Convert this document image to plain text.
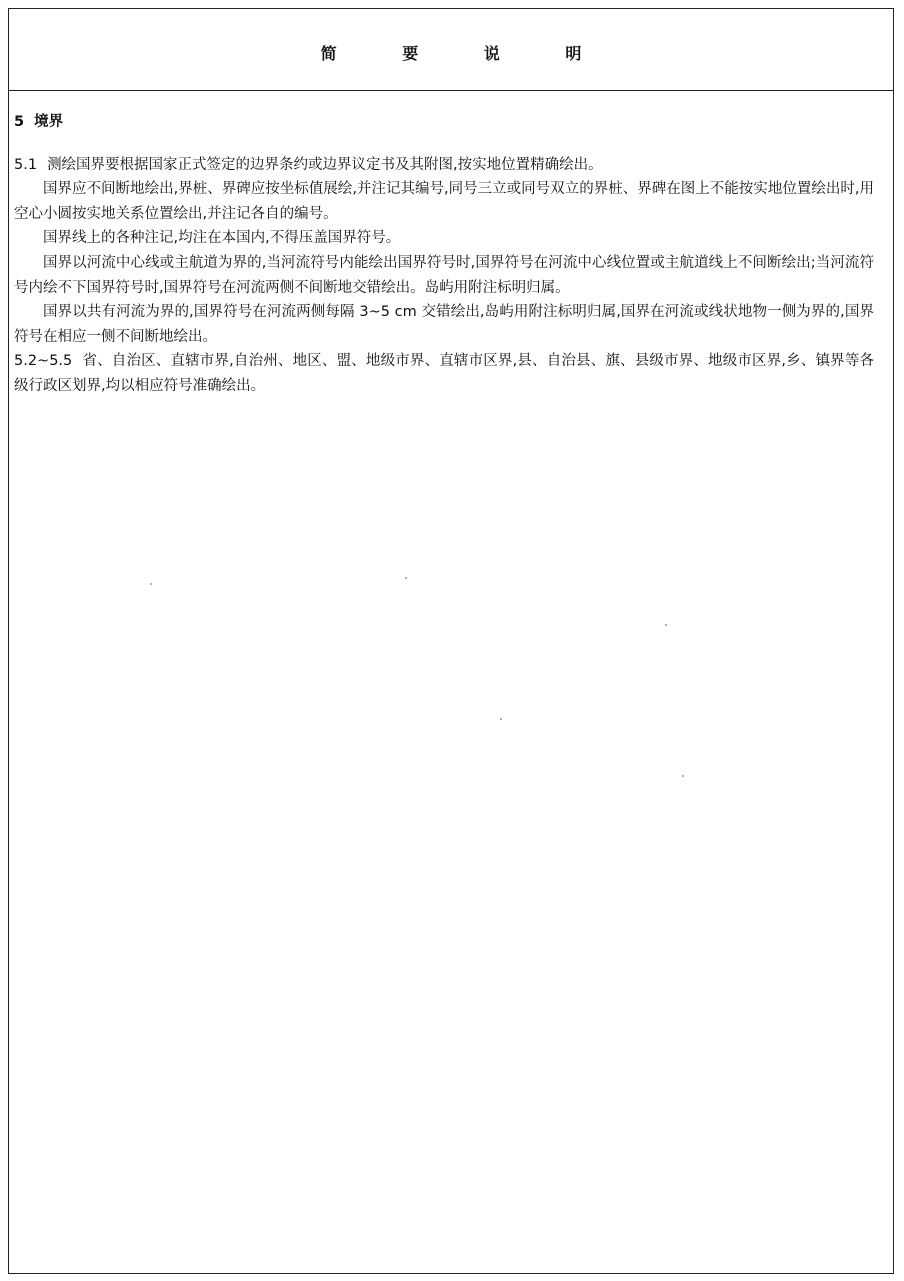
简 要 说 明
5 境界

5.1 测绘国界要根据国家正式签定的边界条约或边界议定书及其附图,按实地位置精确绘出。

国界应不间断地绘出,界桩、界碑应按坐标值展绘,并注记其编号,同号三立或同号双立的界桩、界碑在图上不能按实地位置绘出时,用空心小圆按实地关系位置绘出,并注记各自的编号。

国界线上的各种注记,均注在本国内,不得压盖国界符号。

国界以河流中心线或主航道为界的,当河流符号内能绘出国界符号时,国界符号在河流中心线位置或主航道线上不间断绘出;当河流符号内绘不下国界符号时,国界符号在河流两侧不间断地交错绘出。岛屿用附注标明归属。

国界以共有河流为界的,国界符号在河流两侧每隔 3~5 cm 交错绘出,岛屿用附注标明归属,国界在河流或线状地物一侧为界的,国界符号在相应一侧不间断地绘出。

5.2~5.5 省、自治区、直辖市界,自治州、地区、盟、地级市界、直辖市区界,县、自治县、旗、县级市界、地级市区界,乡、镇界等各级行政区划界,均以相应符号准确绘出。
